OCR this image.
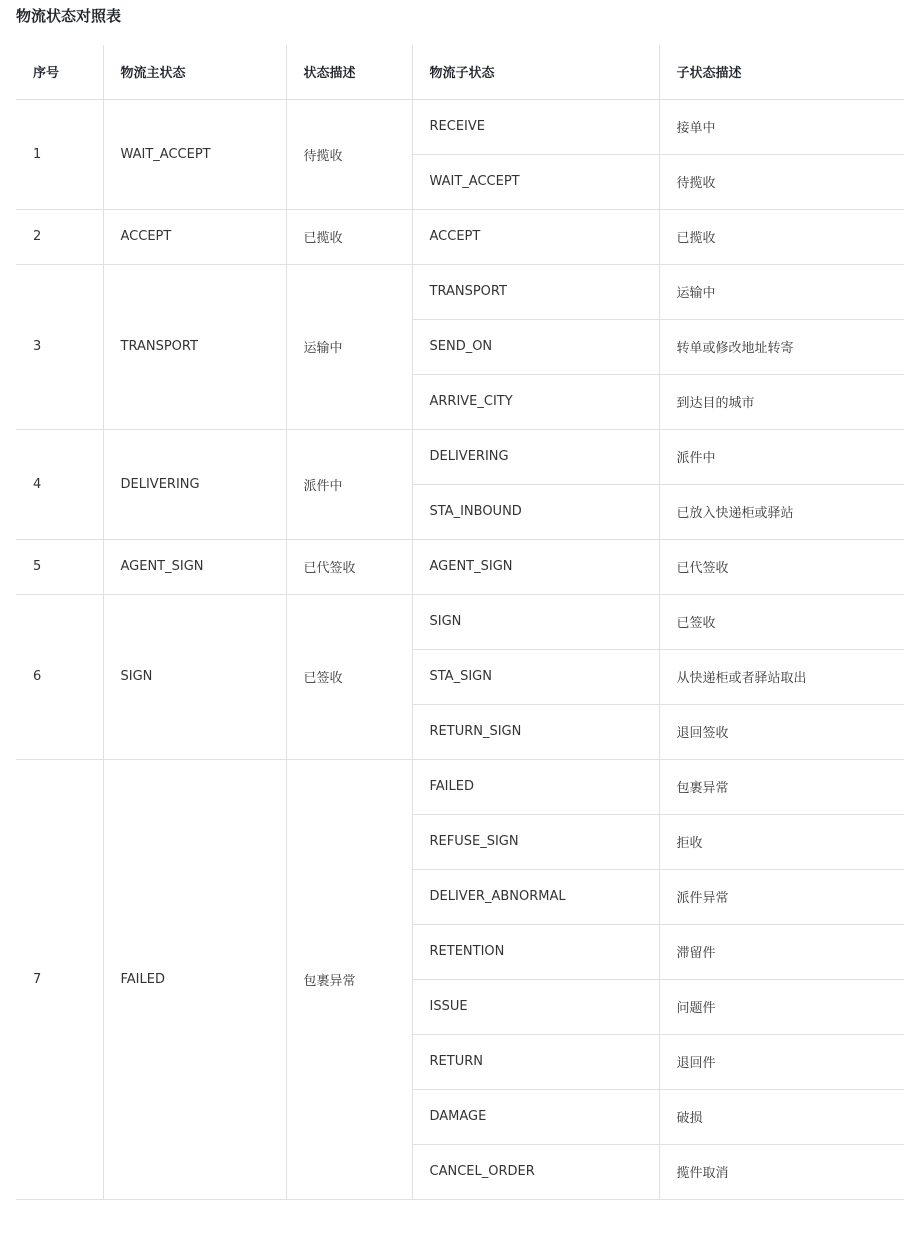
物流状态对照表
序号	物流主状态	状态描述	物流子状态	子状态描述
1	WAIT_ACCEPT	待揽收	RECEIVE	接单中
			WAIT_ACCEPT	待揽收
2	ACCEPT	已揽收	ACCEPT	已揽收
3	TRANSPORT	运输中	TRANSPORT	运输中
			SEND_ON	转单或修改地址转寄
			ARRIVE_CITY	到达目的城市
4	DELIVERING	派件中	DELIVERING	派件中
			STA_INBOUND	已放入快递柜或驿站
5	AGENT_SIGN	已代签收	AGENT_SIGN	已代签收
6	SIGN	已签收	SIGN	已签收
			STA_SIGN	从快递柜或者驿站取出
			RETURN_SIGN	退回签收
7	FAILED	包裹异常	FAILED	包裹异常
			REFUSE_SIGN	拒收
			DELIVER_ABNORMAL	派件异常
			RETENTION	滞留件
			ISSUE	问题件
			RETURN	退回件
			DAMAGE	破损
			CANCEL_ORDER	揽件取消
